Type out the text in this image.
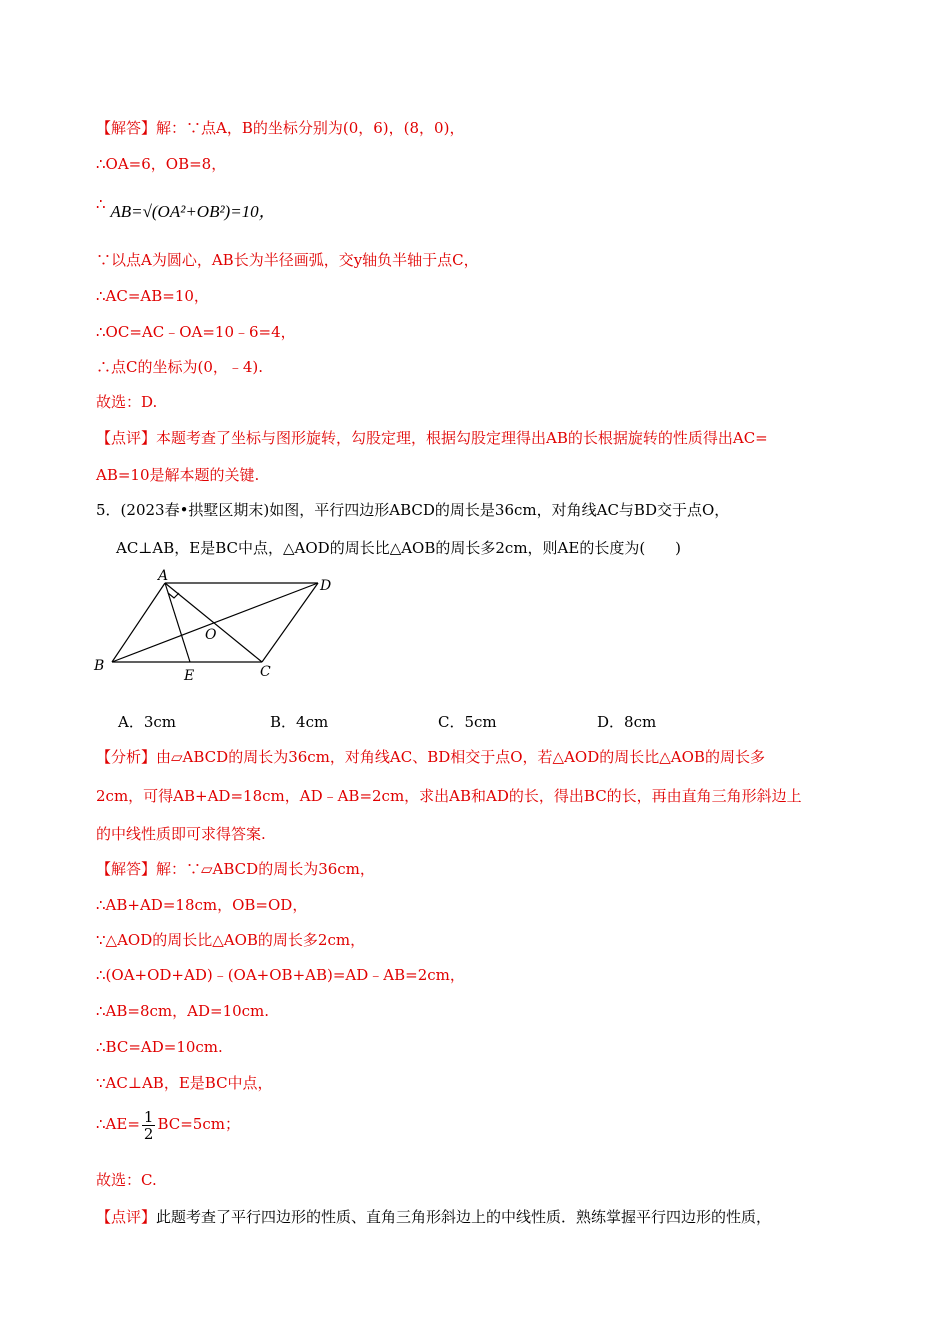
【解答】解：∵点A，B的坐标分别为(0，6)，(8，0)，
∴OA=6，OB=8，
∴ AB=√(OA²+OB²)=10，
∵以点A为圆心，AB长为半径画弧，交y轴负半轴于点C，
∴AC=AB=10，
∴OC=AC﹣OA=10﹣6=4，
∴点C的坐标为(0，﹣4).
故选：D.
【点评】本题考查了坐标与图形旋转，勾股定理，根据勾股定理得出AB的长根据旋转的性质得出AC=
AB=10是解本题的关键.
5．(2023春•拱墅区期末)如图，平行四边形ABCD的周长是36cm，对角线AC与BD交于点O，
AC⊥AB，E是BC中点，△AOD的周长比△AOB的周长多2cm，则AE的长度为(　　)
A
D
B	C
O
E
A．3cm	B．4cm	C．5cm	D．8cm
【分析】由▱ABCD的周长为36cm，对角线AC、BD相交于点O，若△AOD的周长比△AOB的周长多
2cm，可得AB+AD=18cm，AD﹣AB=2cm，求出AB和AD的长，得出BC的长，再由直角三角形斜边上
的中线性质即可求得答案.
【解答】解：∵▱ABCD的周长为36cm，
∴AB+AD=18cm，OB=OD，
∵△AOD的周长比△AOB的周长多2cm，
∴(OA+OD+AD)﹣(OA+OB+AB)=AD﹣AB=2cm，
∴AB=8cm，AD=10cm.
∴BC=AD=10cm.
∵AC⊥AB，E是BC中点，
∴AE= $\frac{1}{2} BC=5cm$；
故选：C.
【点评】此题考查了平行四边形的性质、直角三角形斜边上的中线性质．熟练掌握平行四边形的性质，
